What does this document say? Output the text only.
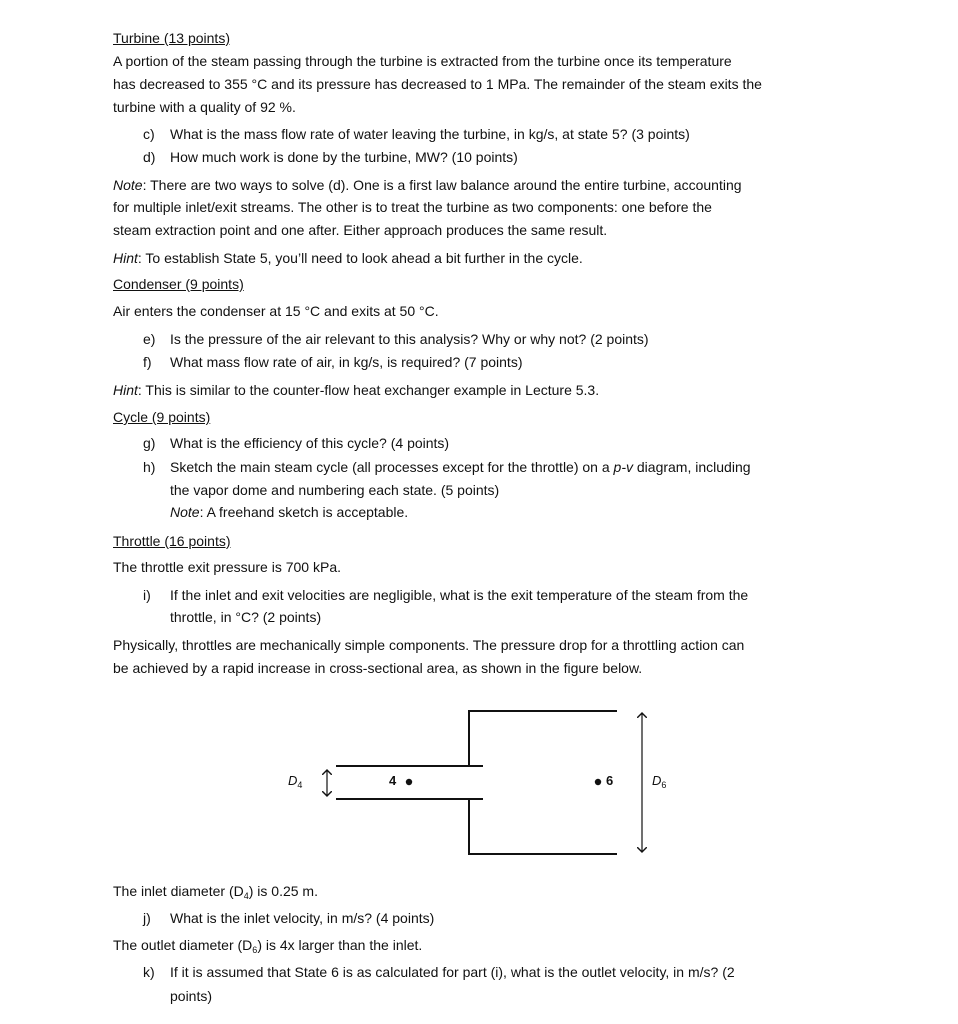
Turbine (13 points)
A portion of the steam passing through the turbine is extracted from the turbine once its temperature
has decreased to 355 °C and its pressure has decreased to 1 MPa. The remainder of the steam exits the
turbine with a quality of 92 %.
c) What is the mass flow rate of water leaving the turbine, in kg/s, at state 5? (3 points)
d) How much work is done by the turbine, MW? (10 points)
Note: There are two ways to solve (d). One is a first law balance around the entire turbine, accounting
for multiple inlet/exit streams. The other is to treat the turbine as two components: one before the
steam extraction point and one after. Either approach produces the same result.
Hint: To establish State 5, you’ll need to look ahead a bit further in the cycle.
Condenser (9 points)
Air enters the condenser at 15 °C and exits at 50 °C.
e) Is the pressure of the air relevant to this analysis? Why or why not? (2 points)
f) What mass flow rate of air, in kg/s, is required? (7 points)
Hint: This is similar to the counter-flow heat exchanger example in Lecture 5.3.
Cycle (9 points)
g) What is the efficiency of this cycle? (4 points)
h) Sketch the main steam cycle (all processes except for the throttle) on a p-v diagram, including
the vapor dome and numbering each state. (5 points)
Note: A freehand sketch is acceptable.
Throttle (16 points)
The throttle exit pressure is 700 kPa.
i) If the inlet and exit velocities are negligible, what is the exit temperature of the steam from the
throttle, in °C? (2 points)
Physically, throttles are mechanically simple components. The pressure drop for a throttling action can
be achieved by a rapid increase in cross-sectional area, as shown in the figure below.
$D_4$	4	6	$D_6$
The inlet diameter $(D_4)$ is 0.25 m.
j) What is the inlet velocity, in m/s? (4 points)
The outlet diameter $(D_6)$ is 4x larger than the inlet.
k) If it is assumed that State 6 is as calculated for part (i), what is the outlet velocity, in m/s? (2
points)
